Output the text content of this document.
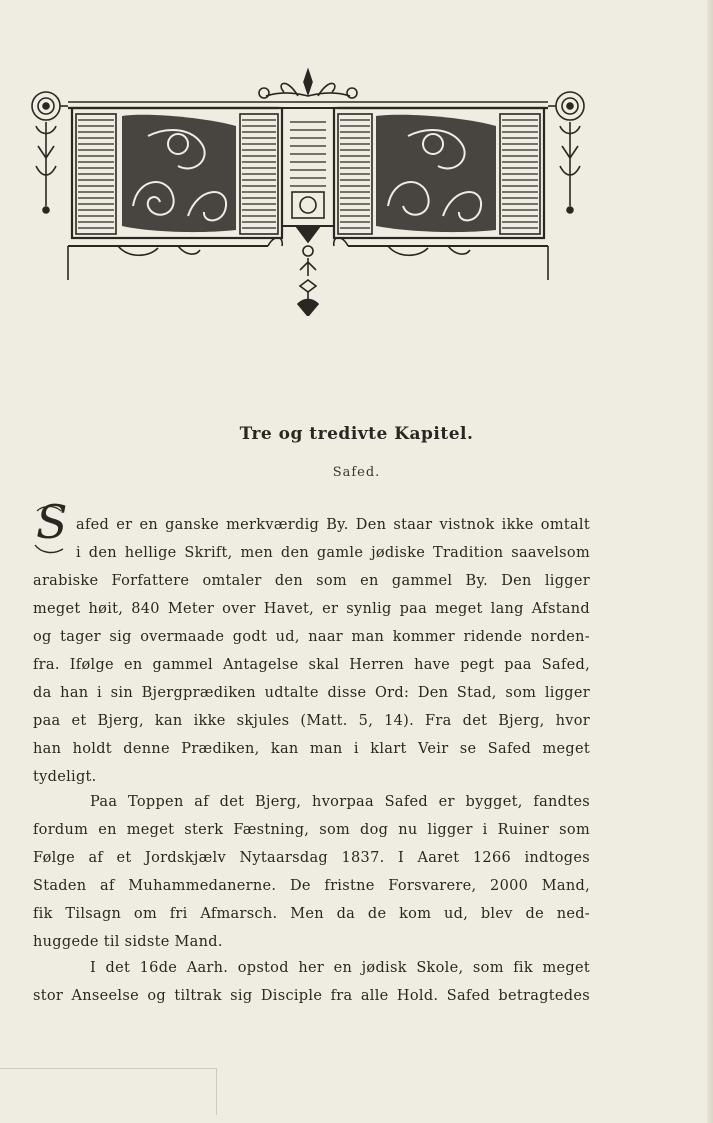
Tre og tredivte Kapitel.
Safed.
S afed er en ganske merkværdig By. Den staar vistnok ikke omtalt
i den hellige Skrift, men den gamle jødiske Tradition saavelsom
arabiske Forfattere omtaler den som en gammel By. Den ligger
meget høit, 840 Meter over Havet, er synlig paa meget lang Afstand
og tager sig overmaade godt ud, naar man kommer ridende norden-
fra. Ifølge en gammel Antagelse skal Herren have pegt paa Safed,
da han i sin Bjergprædiken udtalte disse Ord: Den Stad, som ligger
paa et Bjerg, kan ikke skjules (Matt. 5, 14). Fra det Bjerg, hvor
han holdt denne Prædiken, kan man i klart Veir se Safed meget
tydeligt.
Paa Toppen af det Bjerg, hvorpaa Safed er bygget, fandtes
fordum en meget sterk Fæstning, som dog nu ligger i Ruiner som
Følge af et Jordskjælv Nytaarsdag 1837. I Aaret 1266 indtoges
Staden af Muhammedanerne. De fristne Forsvarere, 2000 Mand,
fik Tilsagn om fri Afmarsch. Men da de kom ud, blev de ned-
huggede til sidste Mand.
I det 16de Aarh. opstod her en jødisk Skole, som fik meget
stor Anseelse og tiltrak sig Disciple fra alle Hold. Safed betragtedes
